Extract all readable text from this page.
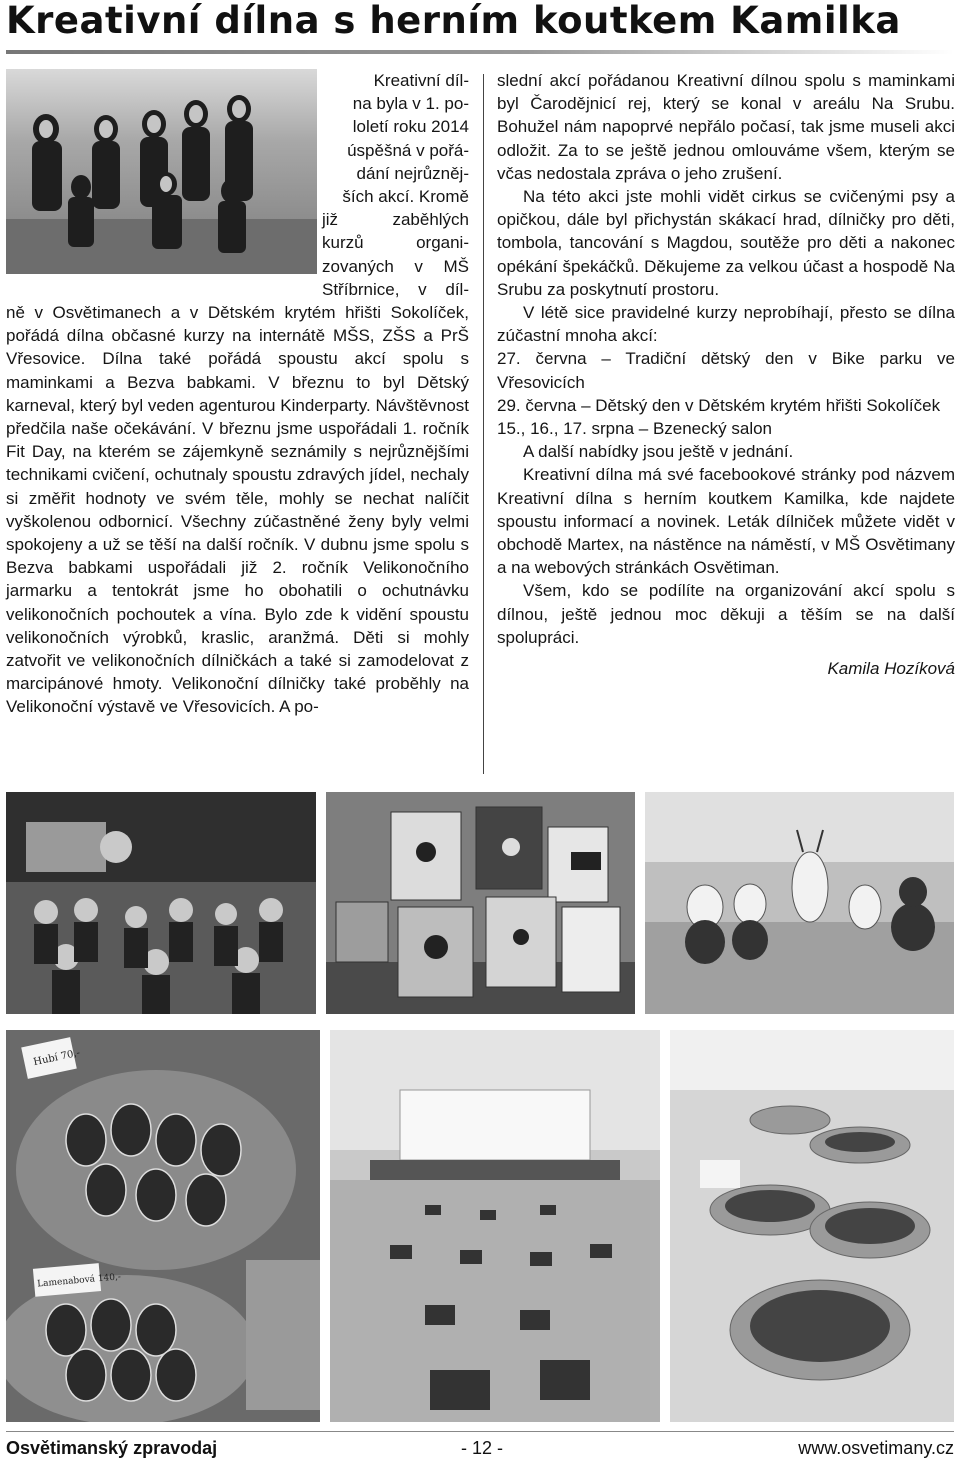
Kreativní dílna s herním koutkem Kamilka
Kreativní díl-
na byla v 1. po-
loletí roku 2014
úspěšná v pořá-
dání nejrůzněj-
ších akcí. Kromě
již zaběhlých
kurzů organi-
zovaných v MŠ
Stříbrnice, v díl-

ně v Osvětimanech a v Dětském krytém hřišti Sokolíček, pořádá dílna občasné kurzy na internátě MŠS, ZŠS a PrŠ Vřesovice. Dílna také pořádá spoustu akcí spolu s maminkami a Bezva babkami. V březnu to byl Dětský karneval, který byl veden agenturou Kinderparty. Návštěvnost předčila naše očekávání. V březnu jsme uspořádali 1. ročník Fit Day, na kterém se zájemkyně seznámily s nejrůznějšími technikami cvičení, ochutnaly spoustu zdravých jídel, nechaly si změřit hodnoty ve svém těle, mohly se nechat nalíčit vyškolenou odbornicí. Všechny zúčastněné ženy byly velmi spokojeny a už se těší na další ročník. V dubnu jsme spolu s Bezva babkami uspořádali již 2. ročník Velikonočního jarmarku a tentokrát jsme ho obohatili o ochutnávku velikonočních pochoutek a vína. Bylo zde k vidění spoustu velikonočních výrobků, kraslic, aranžmá. Děti si mohly zatvořit ve velikonočních dílničkách a také si zamodelovat z marcipánové hmoty. Velikonoční dílničky také proběhly na Velikonoční výstavě ve Vřesovicích. A po-

slední akcí pořádanou Kreativní dílnou spolu s maminkami byl Čarodějnicí rej, který se konal v areálu Na Srubu. Bohužel nám napoprvé nepřálo počasí, tak jsme museli akci odložit. Za to se ještě jednou omlouváme všem, kterým se včas nedostala zpráva o jeho zrušení.

Na této akci jste mohli vidět cirkus se cvičenými psy a opičkou, dále byl přichystán skákací hrad, dílničky pro děti, tombola, tancování s Magdou, soutěže pro děti a nakonec opékání špekáčků. Děkujeme za velkou účast a hospodě Na Srubu za poskytnutí prostoru.

V létě sice pravidelné kurzy neprobíhají, přesto se dílna zúčastní mnoha akcí:

27. června – Tradiční dětský den v Bike parku ve Vřesovicích

29. června – Dětský den v Dětském krytém hřišti Sokolíček

15., 16., 17. srpna – Bzenecký salon

A další nabídky jsou ještě v jednání.

Kreativní dílna má své facebookové stránky pod názvem Kreativní dílna s herním koutkem Kamilka, kde najdete spoustu informací a novinek. Leták dílniček můžete vidět v obchodě Martex, na nástěnce na náměstí, v MŠ Osvětimany a na webových stránkách Osvětiman.

Všem, kdo se podílíte na organizování akcí spolu s dílnou, ještě jednou moc děkuji a těším se na další spolupráci.

Kamila Hozíková

Hubí 70,-
Lamenabová 140,-
Osvětimanský zpravodaj	- 12 -	www.osvetimany.cz
